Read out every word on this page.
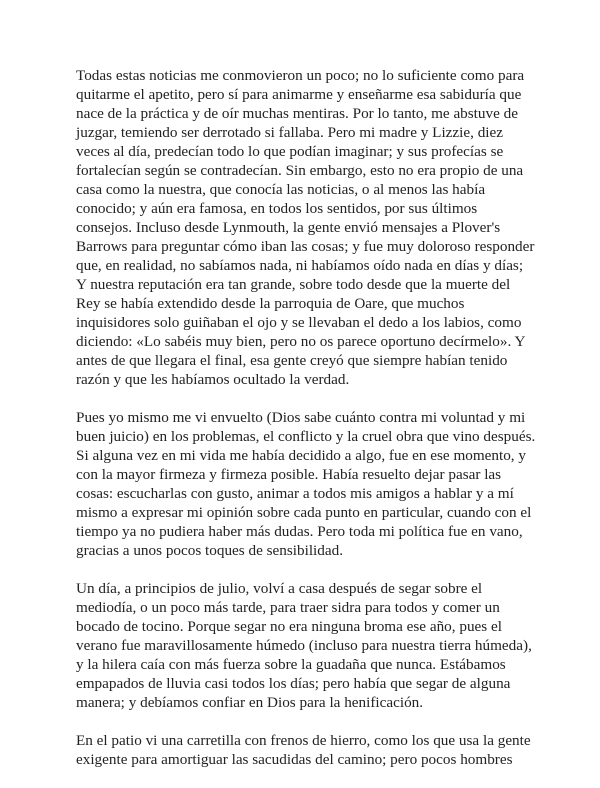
Todas estas noticias me conmovieron un poco; no lo suficiente como para quitarme el apetito, pero sí para animarme y enseñarme esa sabiduría que nace de la práctica y de oír muchas mentiras. Por lo tanto, me abstuve de juzgar, temiendo ser derrotado si fallaba. Pero mi madre y Lizzie, diez veces al día, predecían todo lo que podían imaginar; y sus profecías se fortalecían según se contradecían. Sin embargo, esto no era propio de una casa como la nuestra, que conocía las noticias, o al menos las había conocido; y aún era famosa, en todos los sentidos, por sus últimos consejos. Incluso desde Lynmouth, la gente envió mensajes a Plover's Barrows para preguntar cómo iban las cosas; y fue muy doloroso responder que, en realidad, no sabíamos nada, ni habíamos oído nada en días y días; Y nuestra reputación era tan grande, sobre todo desde que la muerte del Rey se había extendido desde la parroquia de Oare, que muchos inquisidores solo guiñaban el ojo y se llevaban el dedo a los labios, como diciendo: «Lo sabéis muy bien, pero no os parece oportuno decírmelo». Y antes de que llegara el final, esa gente creyó que siempre habían tenido razón y que les habíamos ocultado la verdad.

Pues yo mismo me vi envuelto (Dios sabe cuánto contra mi voluntad y mi buen juicio) en los problemas, el conflicto y la cruel obra que vino después. Si alguna vez en mi vida me había decidido a algo, fue en ese momento, y con la mayor firmeza y firmeza posible. Había resuelto dejar pasar las cosas: escucharlas con gusto, animar a todos mis amigos a hablar y a mí mismo a expresar mi opinión sobre cada punto en particular, cuando con el tiempo ya no pudiera haber más dudas. Pero toda mi política fue en vano, gracias a unos pocos toques de sensibilidad.

Un día, a principios de julio, volví a casa después de segar sobre el mediodía, o un poco más tarde, para traer sidra para todos y comer un bocado de tocino. Porque segar no era ninguna broma ese año, pues el verano fue maravillosamente húmedo (incluso para nuestra tierra húmeda), y la hilera caía con más fuerza sobre la guadaña que nunca. Estábamos empapados de lluvia casi todos los días; pero había que segar de alguna manera; y debíamos confiar en Dios para la henificación.

En el patio vi una carretilla con frenos de hierro, como los que usa la gente exigente para amortiguar las sacudidas del camino; pero pocos hombres
